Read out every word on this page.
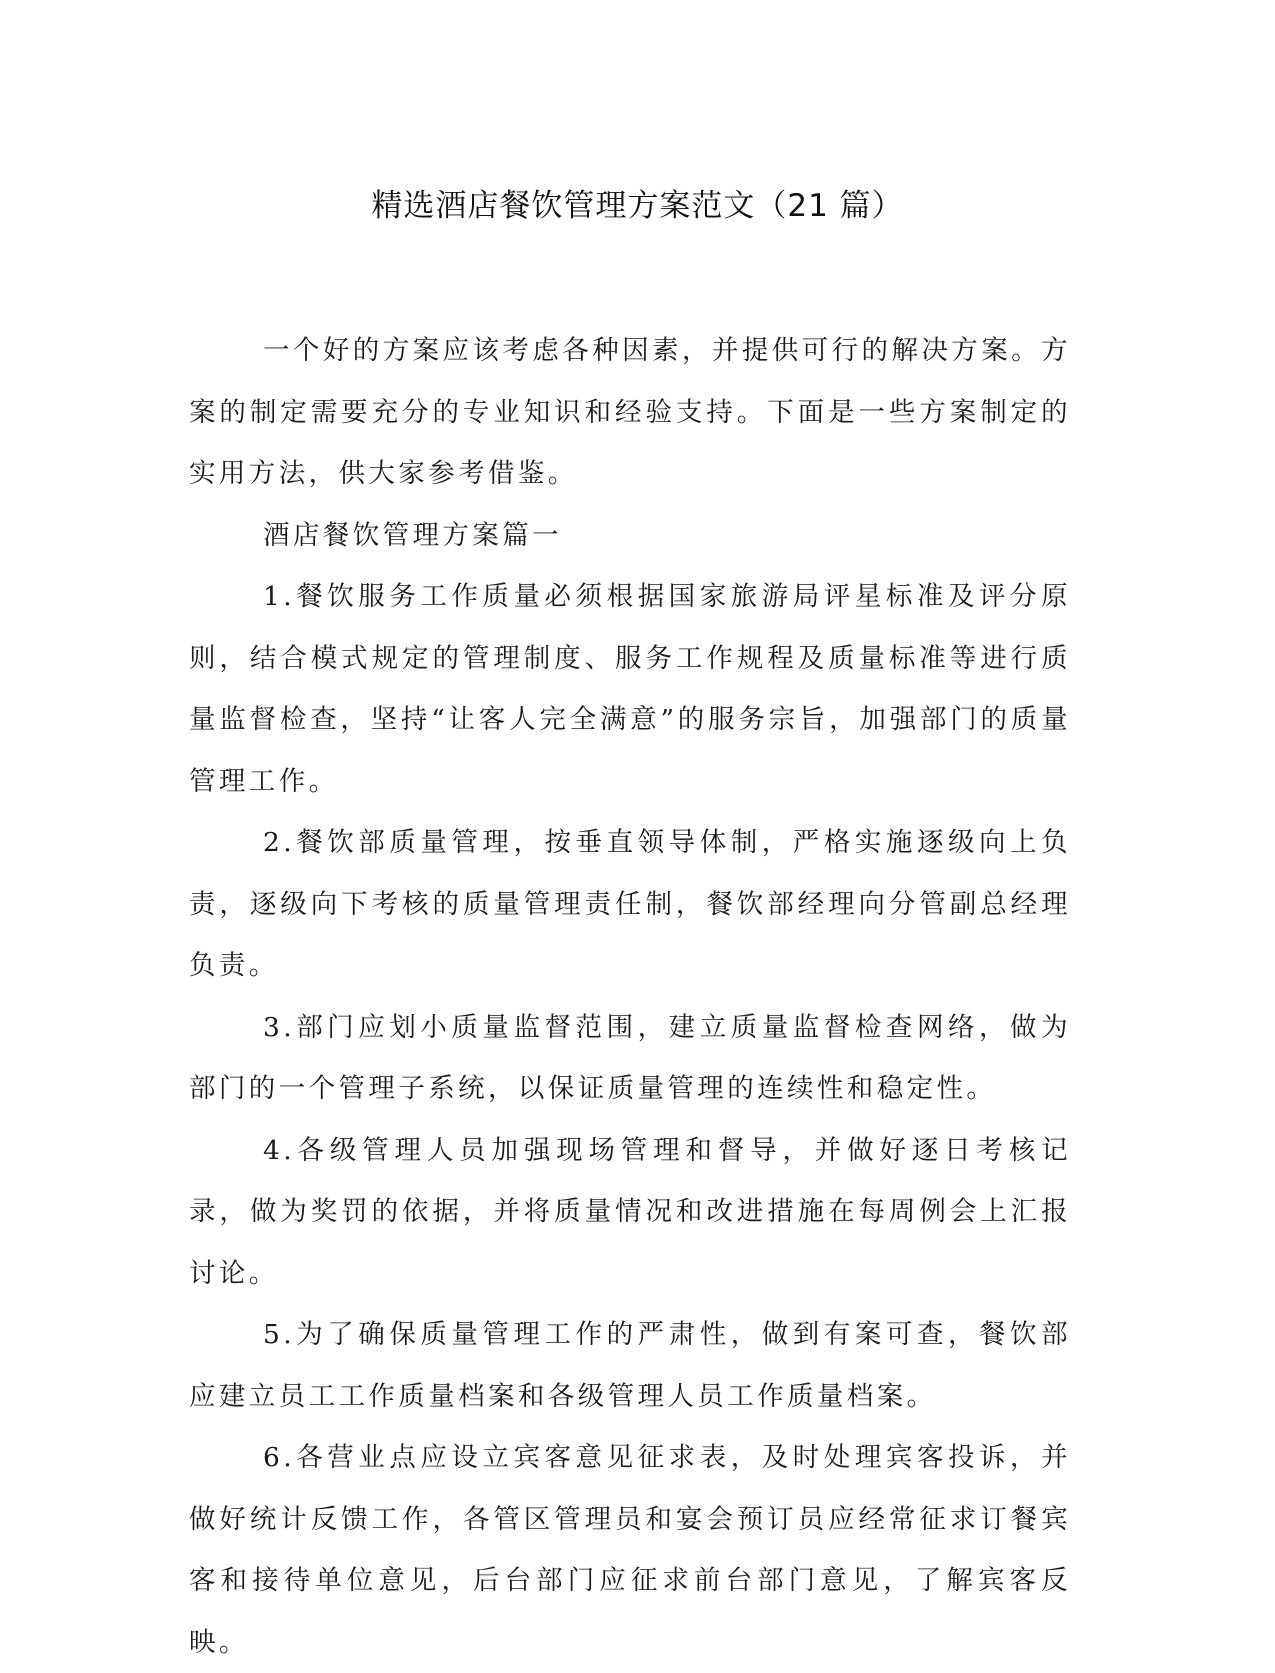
精选酒店餐饮管理方案范文（21 篇）

一个好的方案应该考虑各种因素，并提供可行的解决方案。方案的制定需要充分的专业知识和经验支持。下面是一些方案制定的实用方法，供大家参考借鉴。

酒店餐饮管理方案篇一

1.餐饮服务工作质量必须根据国家旅游局评星标准及评分原则，结合模式规定的管理制度、服务工作规程及质量标准等进行质量监督检查，坚持“让客人完全满意”的服务宗旨，加强部门的质量管理工作。

2.餐饮部质量管理，按垂直领导体制，严格实施逐级向上负责，逐级向下考核的质量管理责任制，餐饮部经理向分管副总经理负责。

3.部门应划小质量监督范围，建立质量监督检查网络，做为部门的一个管理子系统，以保证质量管理的连续性和稳定性。

4.各级管理人员加强现场管理和督导，并做好逐日考核记录，做为奖罚的依据，并将质量情况和改进措施在每周例会上汇报讨论。

5.为了确保质量管理工作的严肃性，做到有案可查，餐饮部应建立员工工作质量档案和各级管理人员工作质量档案。

6.各营业点应设立宾客意见征求表，及时处理宾客投诉，并做好统计反馈工作，各管区管理员和宴会预订员应经常征求订餐宾客和接待单位意见，后台部门应征求前台部门意见，了解宾客反映。
